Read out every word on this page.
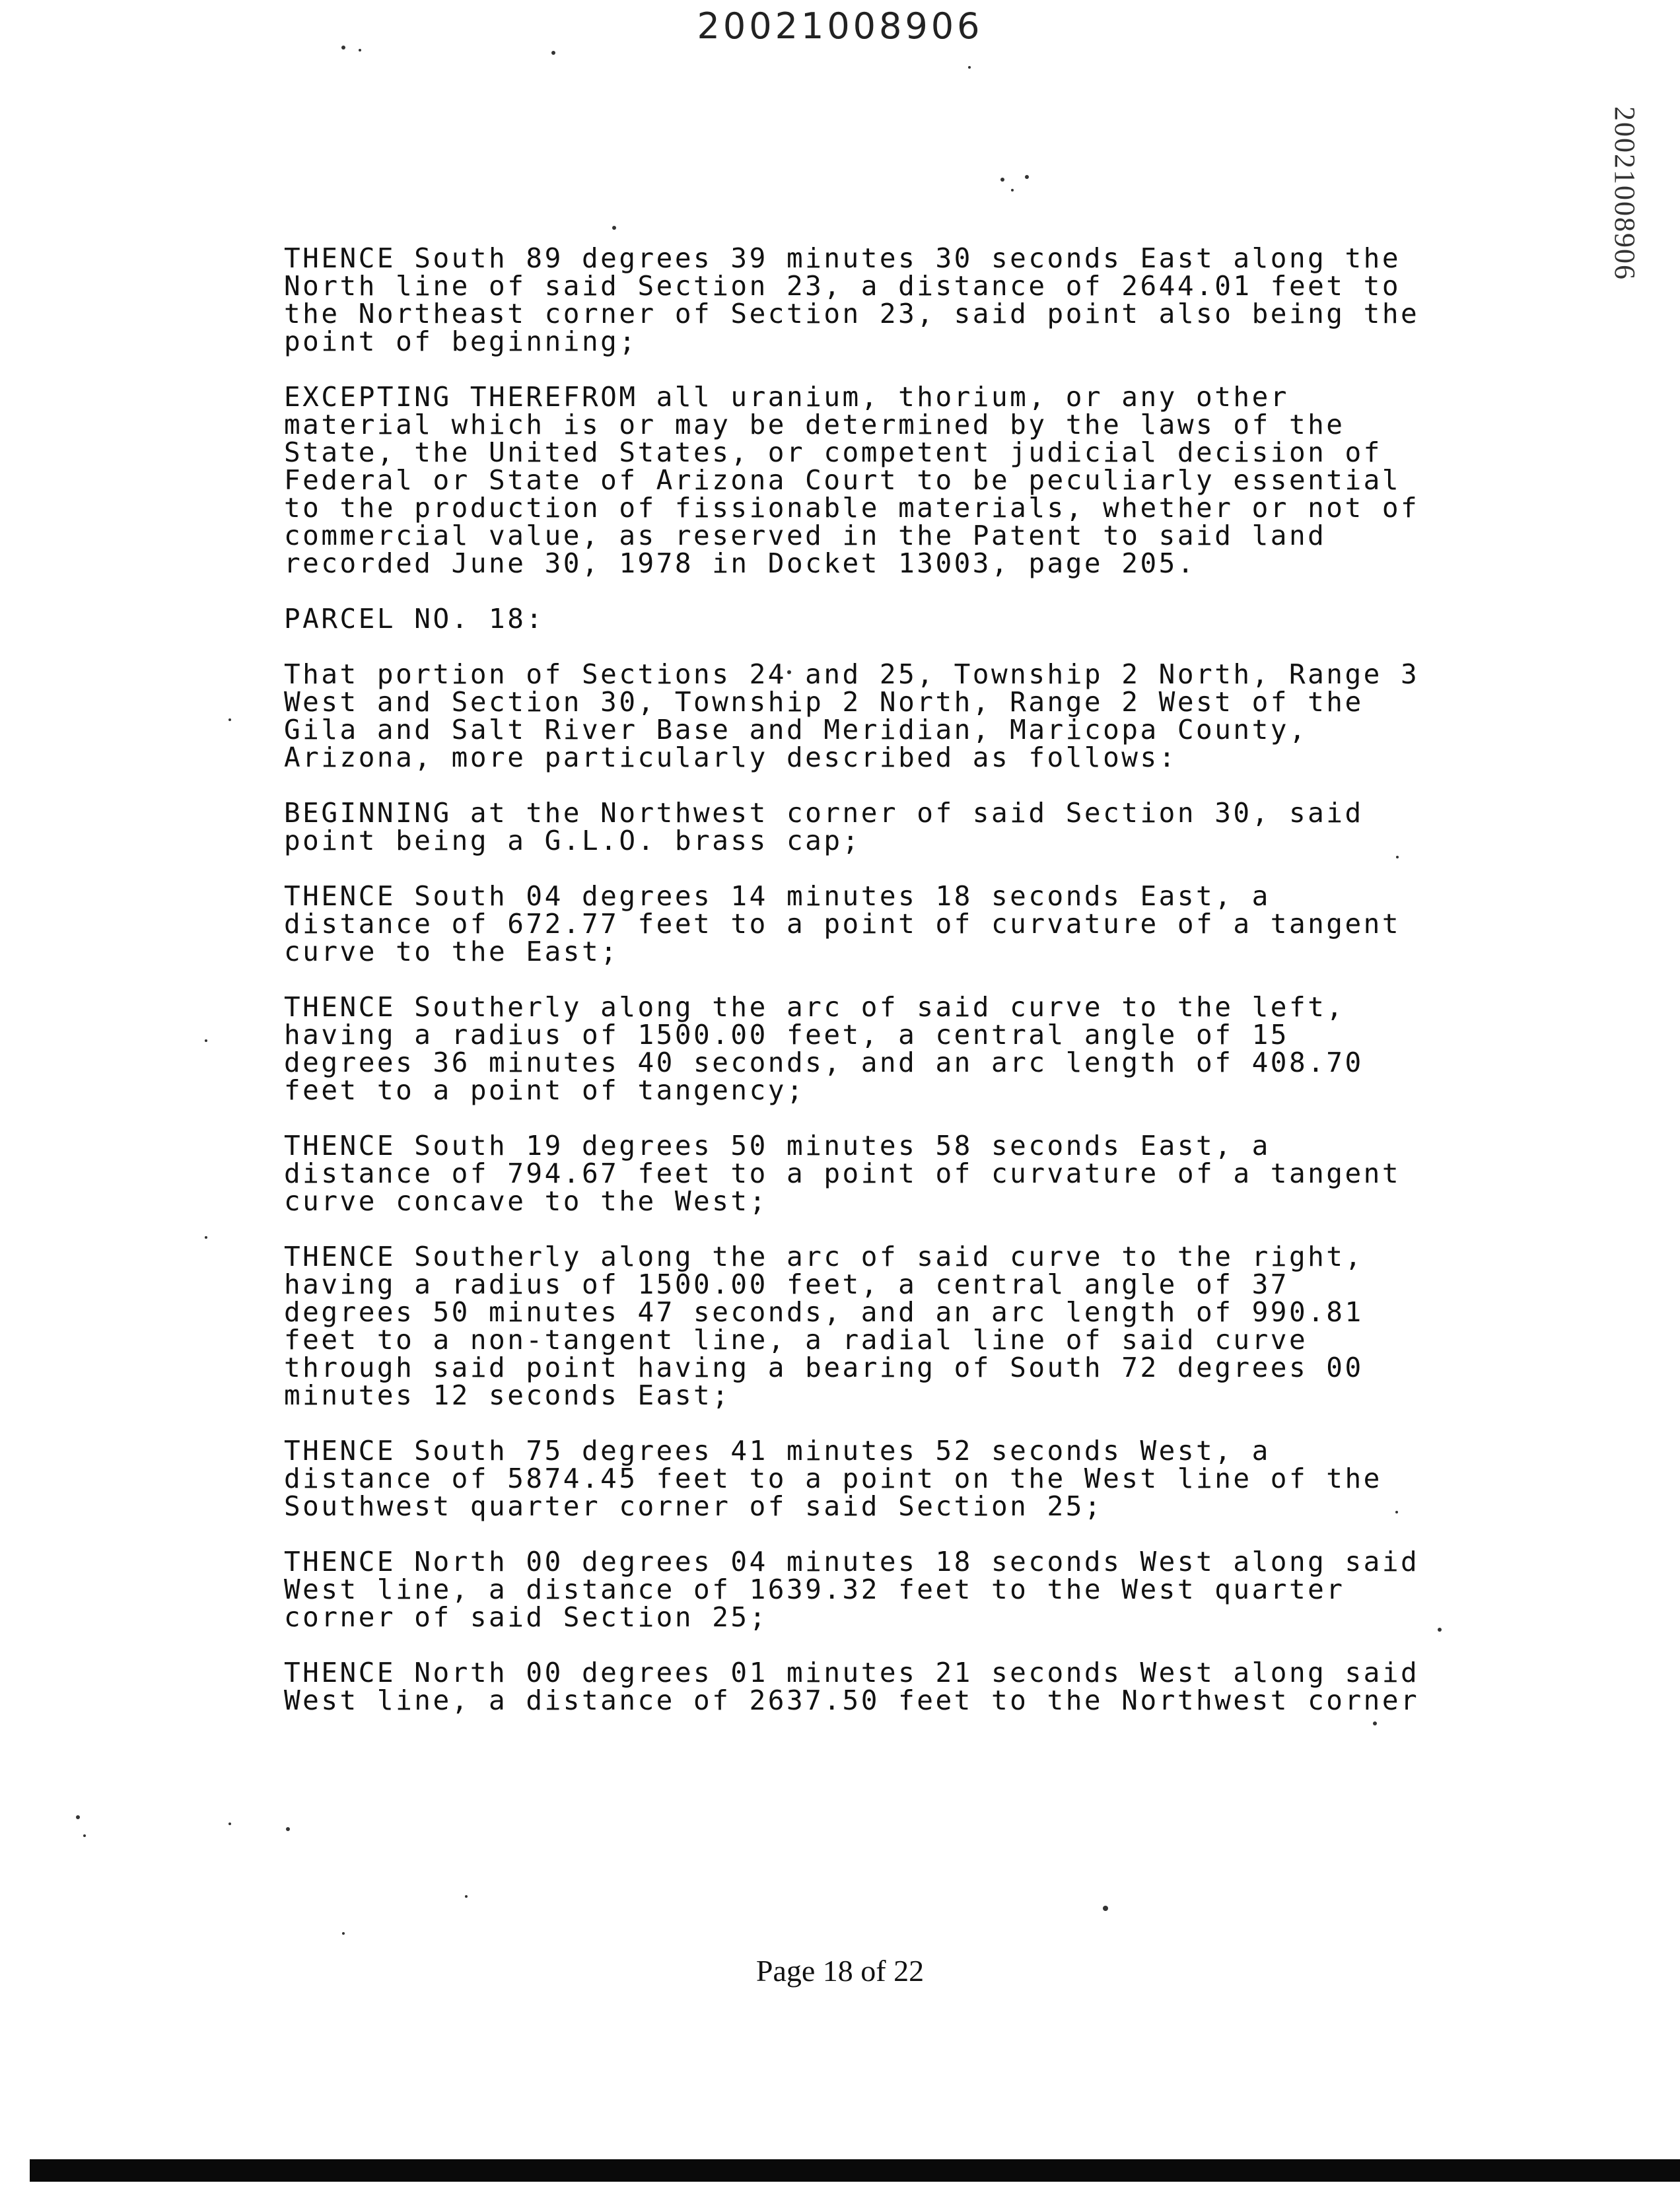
20021008906
20021008906
THENCE South 89 degrees 39 minutes 30 seconds East along the
North line of said Section 23, a distance of 2644.01 feet to
the Northeast corner of Section 23, said point also being the
point of beginning;
EXCEPTING THEREFROM all uranium, thorium, or any other
material which is or may be determined by the laws of the
State, the United States, or competent judicial decision of
Federal or State of Arizona Court to be peculiarly essential
to the production of fissionable materials, whether or not of
commercial value, as reserved in the Patent to said land
recorded June 30, 1978 in Docket 13003, page 205.
PARCEL NO. 18:
That portion of Sections 24 and 25, Township 2 North, Range 3
West and Section 30, Township 2 North, Range 2 West of the
Gila and Salt River Base and Meridian, Maricopa County,
Arizona, more particularly described as follows:
BEGINNING at the Northwest corner of said Section 30, said
point being a G.L.O. brass cap;
THENCE South 04 degrees 14 minutes 18 seconds East, a
distance of 672.77 feet to a point of curvature of a tangent
curve to the East;
THENCE Southerly along the arc of said curve to the left,
having a radius of 1500.00 feet, a central angle of 15
degrees 36 minutes 40 seconds, and an arc length of 408.70
feet to a point of tangency;
THENCE South 19 degrees 50 minutes 58 seconds East, a
distance of 794.67 feet to a point of curvature of a tangent
curve concave to the West;
THENCE Southerly along the arc of said curve to the right,
having a radius of 1500.00 feet, a central angle of 37
degrees 50 minutes 47 seconds, and an arc length of 990.81
feet to a non-tangent line, a radial line of said curve
through said point having a bearing of South 72 degrees 00
minutes 12 seconds East;
THENCE South 75 degrees 41 minutes 52 seconds West, a
distance of 5874.45 feet to a point on the West line of the
Southwest quarter corner of said Section 25;
THENCE North 00 degrees 04 minutes 18 seconds West along said
West line, a distance of 1639.32 feet to the West quarter
corner of said Section 25;
THENCE North 00 degrees 01 minutes 21 seconds West along said
West line, a distance of 2637.50 feet to the Northwest corner
Page 18 of 22
